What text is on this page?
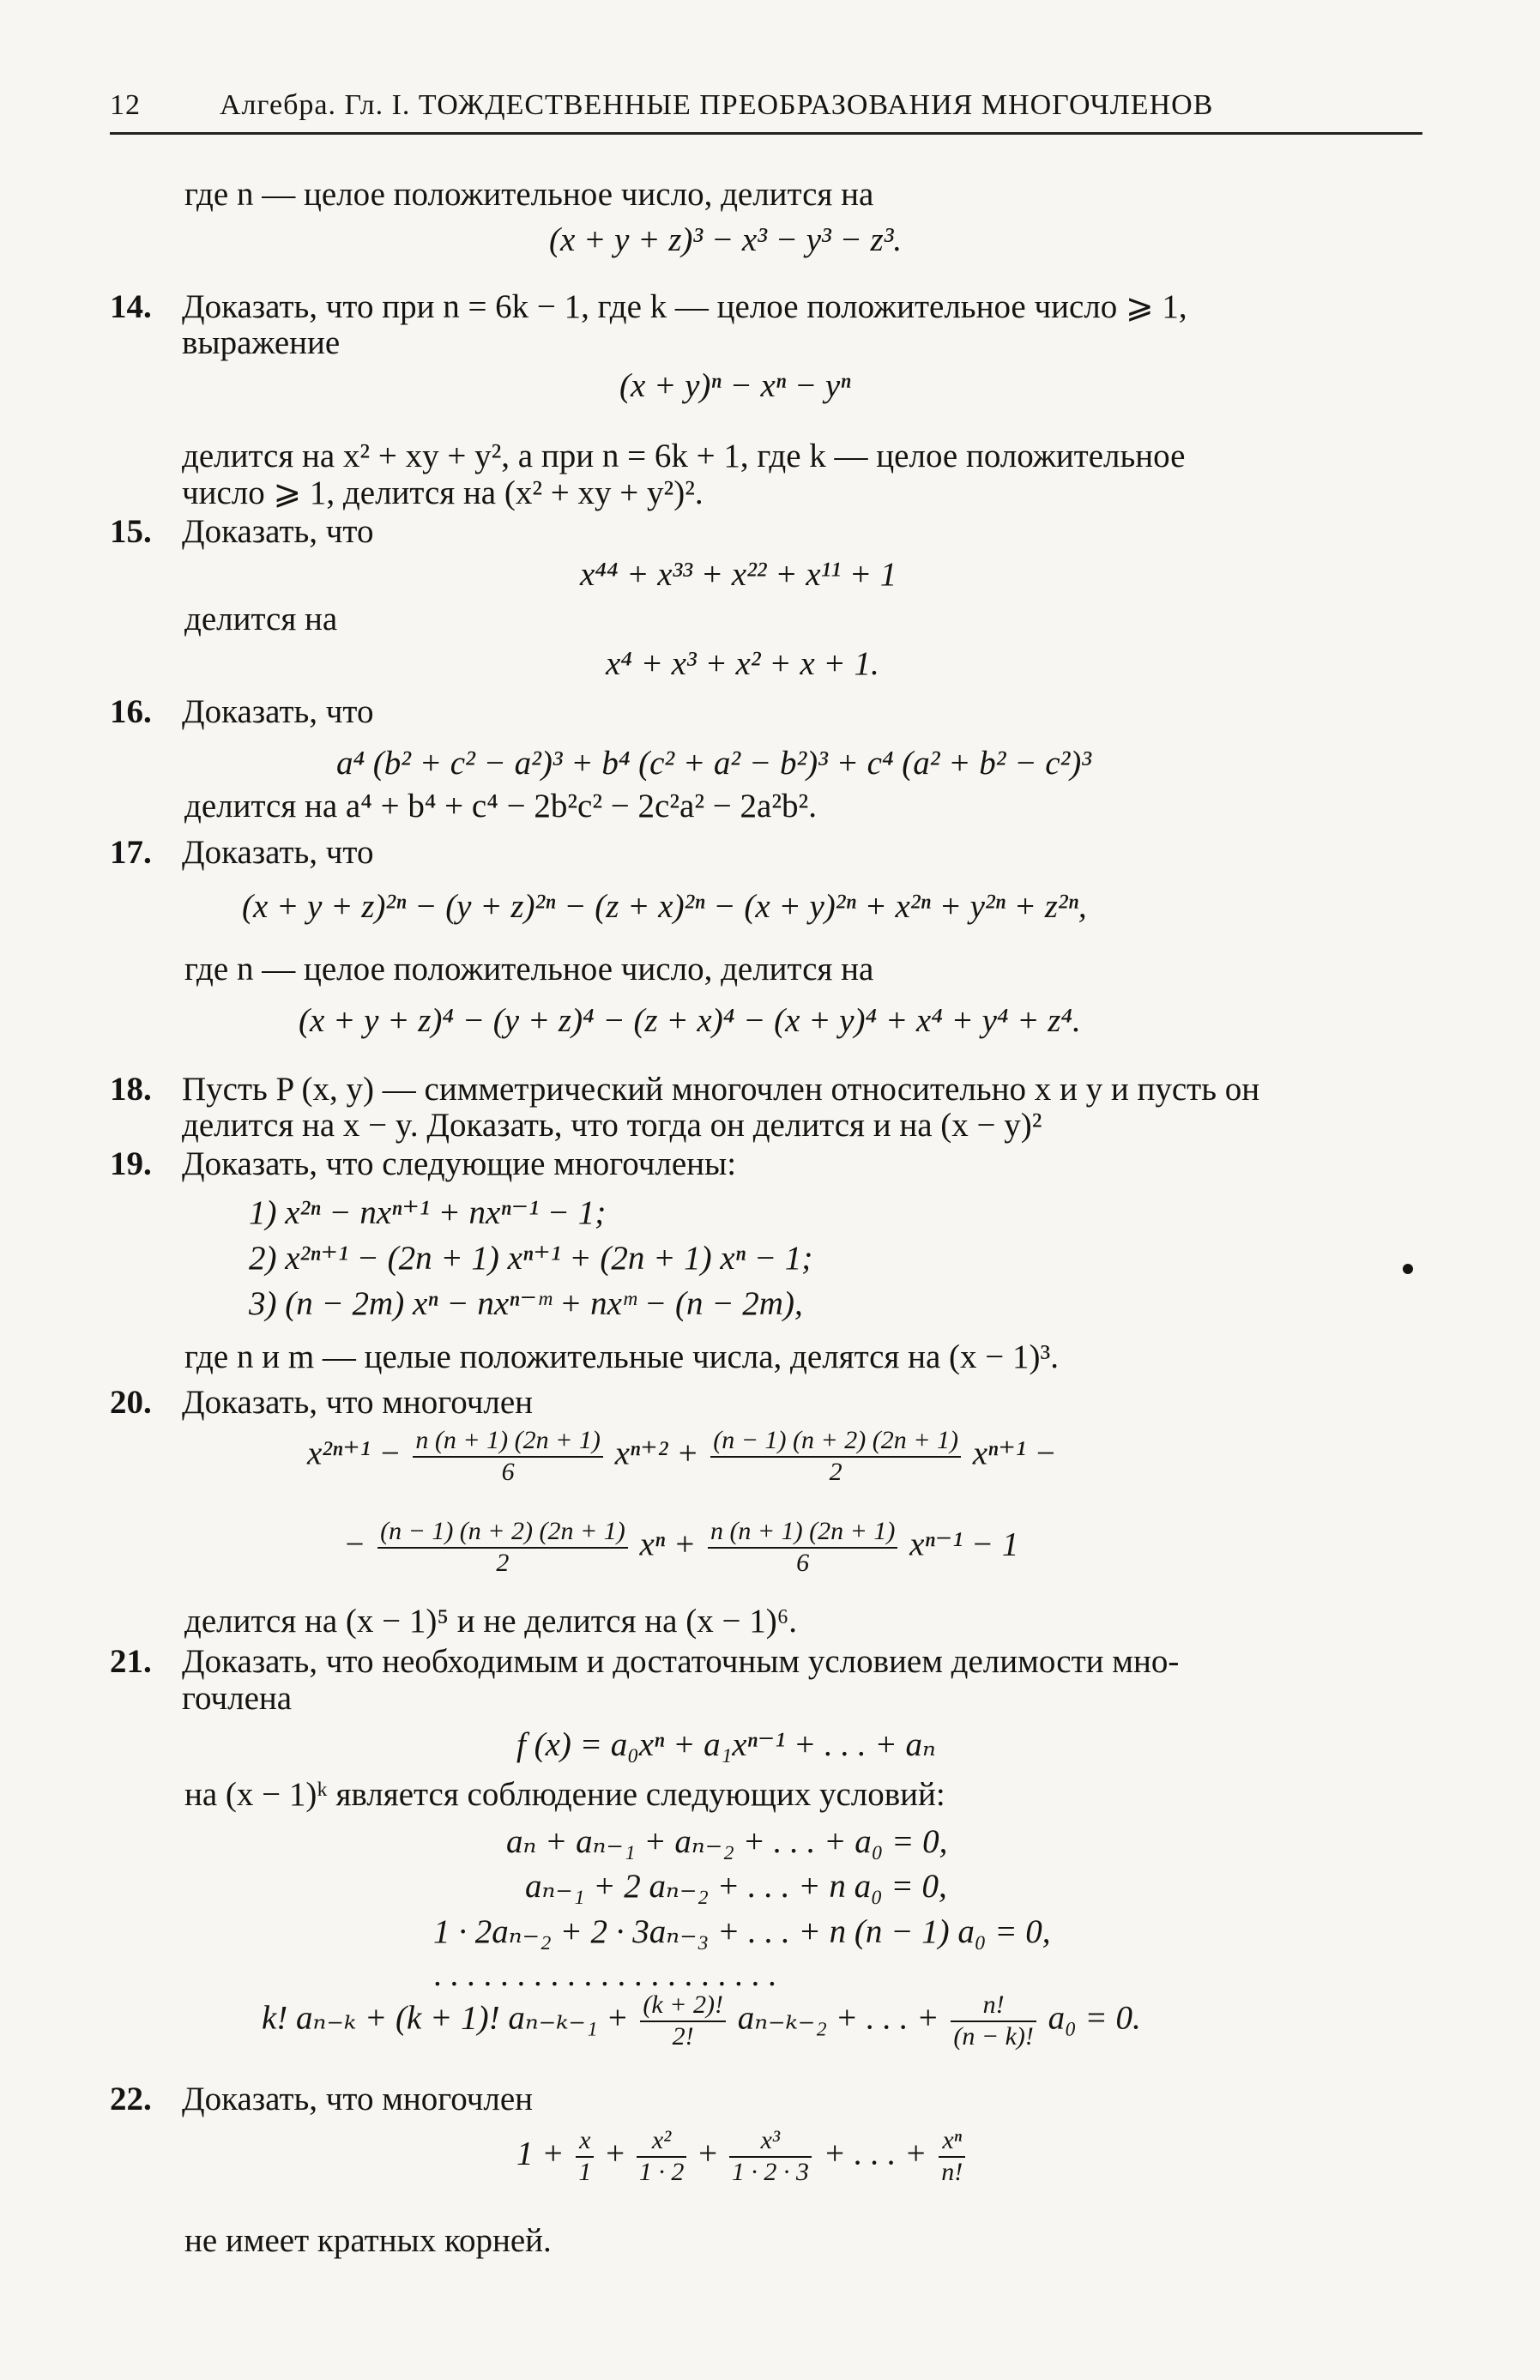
12	Алгебра. Гл. I. ТОЖДЕСТВЕННЫЕ ПРЕОБРАЗОВАНИЯ МНОГОЧЛЕНОВ
где n — целое положительное число, делится на
(x + y + z)³ − x³ − y³ − z³.
14. Доказать, что при n = 6k − 1, где k — целое положительное число ⩾ 1,
выражение
(x + y)ⁿ − xⁿ − yⁿ
делится на x² + xy + y², а при n = 6k + 1, где k — целое положительное
число ⩾ 1, делится на (x² + xy + y²)².
15. Доказать, что
x⁴⁴ + x³³ + x²² + x¹¹ + 1
делится на
x⁴ + x³ + x² + x + 1.
16. Доказать, что
a⁴ (b² + c² − a²)³ + b⁴ (c² + a² − b²)³ + c⁴ (a² + b² − c²)³
делится на a⁴ + b⁴ + c⁴ − 2b²c² − 2c²a² − 2a²b².
17. Доказать, что
(x + y + z)²ⁿ − (y + z)²ⁿ − (z + x)²ⁿ − (x + y)²ⁿ + x²ⁿ + y²ⁿ + z²ⁿ,
где n — целое положительное число, делится на
(x + y + z)⁴ − (y + z)⁴ − (z + x)⁴ − (x + y)⁴ + x⁴ + y⁴ + z⁴.
18. Пусть P (x, y) — симметрический многочлен относительно x и y и пусть он
делится на x − y. Доказать, что тогда он делится и на (x − y)²
19. Доказать, что следующие многочлены:
1) x²ⁿ − nxⁿ⁺¹ + nxⁿ⁻¹ − 1;
2) x²ⁿ⁺¹ − (2n + 1) xⁿ⁺¹ + (2n + 1) xⁿ − 1;
3) (n − 2m) xⁿ − nxⁿ⁻ᵐ + nxᵐ − (n − 2m),
где n и m — целые положительные числа, делятся на (x − 1)³.
20. Доказать, что многочлен
$x^{2n+1} - \frac{n (n + 1) (2n + 1)}{6} x^{n+2} + \frac{(n - 1) (n + 2) (2n + 1)}{2} x^{n+1}$ −
− $\frac{(n - 1) (n + 2) (2n + 1)}{2}$ $x^n + \frac{n (n + 1) (2n + 1)}{6} x^{n-1} - 1$
делится на (x − 1)⁵ и не делится на (x − 1)⁶.
21. Доказать, что необходимым и достаточным условием делимости мно-
гочлена
f (x) = a₀xⁿ + a₁xⁿ⁻¹ + . . . + aₙ
на (x − 1)ᵏ является соблюдение следующих условий:
aₙ + aₙ₋₁ + aₙ₋₂ + . . . + a₀ = 0,
aₙ₋₁ + 2 aₙ₋₂ + . . . + n a₀ = 0,
1 · 2aₙ₋₂ + 2 · 3aₙ₋₃ + . . . + n (n − 1) a₀ = 0,
. . . . . . . . . . . . . . . . . . . . .
k! aₙ₋ₖ + (k + 1)! $a_{n-k-1} + \frac{(k + 2)!}{2!} a_{n-k-2}$ + . . . + $\frac{n!}{(n - k)!} a_0 = 0$.
22. Доказать, что многочлен
$1 + \frac{x}{1} + \frac{\text{x²}}{1 \cdot 2} + \frac{\text{x³}}{1 \cdot 2 \cdot 3}$ + . . . + $\frac{\text{xⁿ}}{n!}$
не имеет кратных корней.
